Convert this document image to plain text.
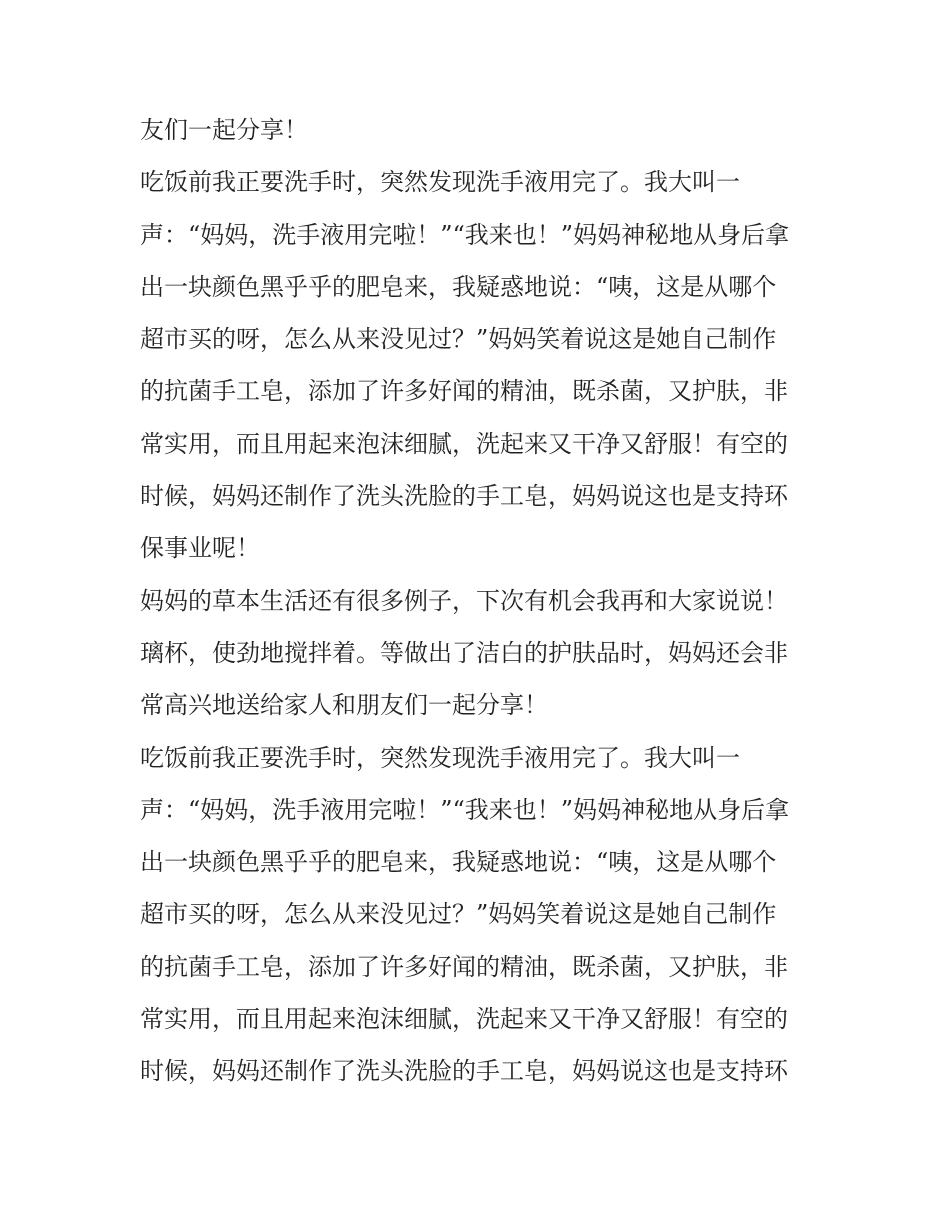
友们一起分享！
吃饭前我正要洗手时，突然发现洗手液用完了。我大叫一
声：“妈妈，洗手液用完啦！”“我来也！”妈妈神秘地从身后拿
出一块颜色黑乎乎的肥皂来，我疑惑地说：“咦，这是从哪个
超市买的呀，怎么从来没见过？”妈妈笑着说这是她自己制作
的抗菌手工皂，添加了许多好闻的精油，既杀菌，又护肤，非
常实用，而且用起来泡沫细腻，洗起来又干净又舒服！有空的
时候，妈妈还制作了洗头洗脸的手工皂，妈妈说这也是支持环
保事业呢！
妈妈的草本生活还有很多例子，下次有机会我再和大家说说！
璃杯，使劲地搅拌着。等做出了洁白的护肤品时，妈妈还会非
常高兴地送给家人和朋友们一起分享！
吃饭前我正要洗手时，突然发现洗手液用完了。我大叫一
声：“妈妈，洗手液用完啦！”“我来也！”妈妈神秘地从身后拿
出一块颜色黑乎乎的肥皂来，我疑惑地说：“咦，这是从哪个
超市买的呀，怎么从来没见过？”妈妈笑着说这是她自己制作
的抗菌手工皂，添加了许多好闻的精油，既杀菌，又护肤，非
常实用，而且用起来泡沫细腻，洗起来又干净又舒服！有空的
时候，妈妈还制作了洗头洗脸的手工皂，妈妈说这也是支持环
